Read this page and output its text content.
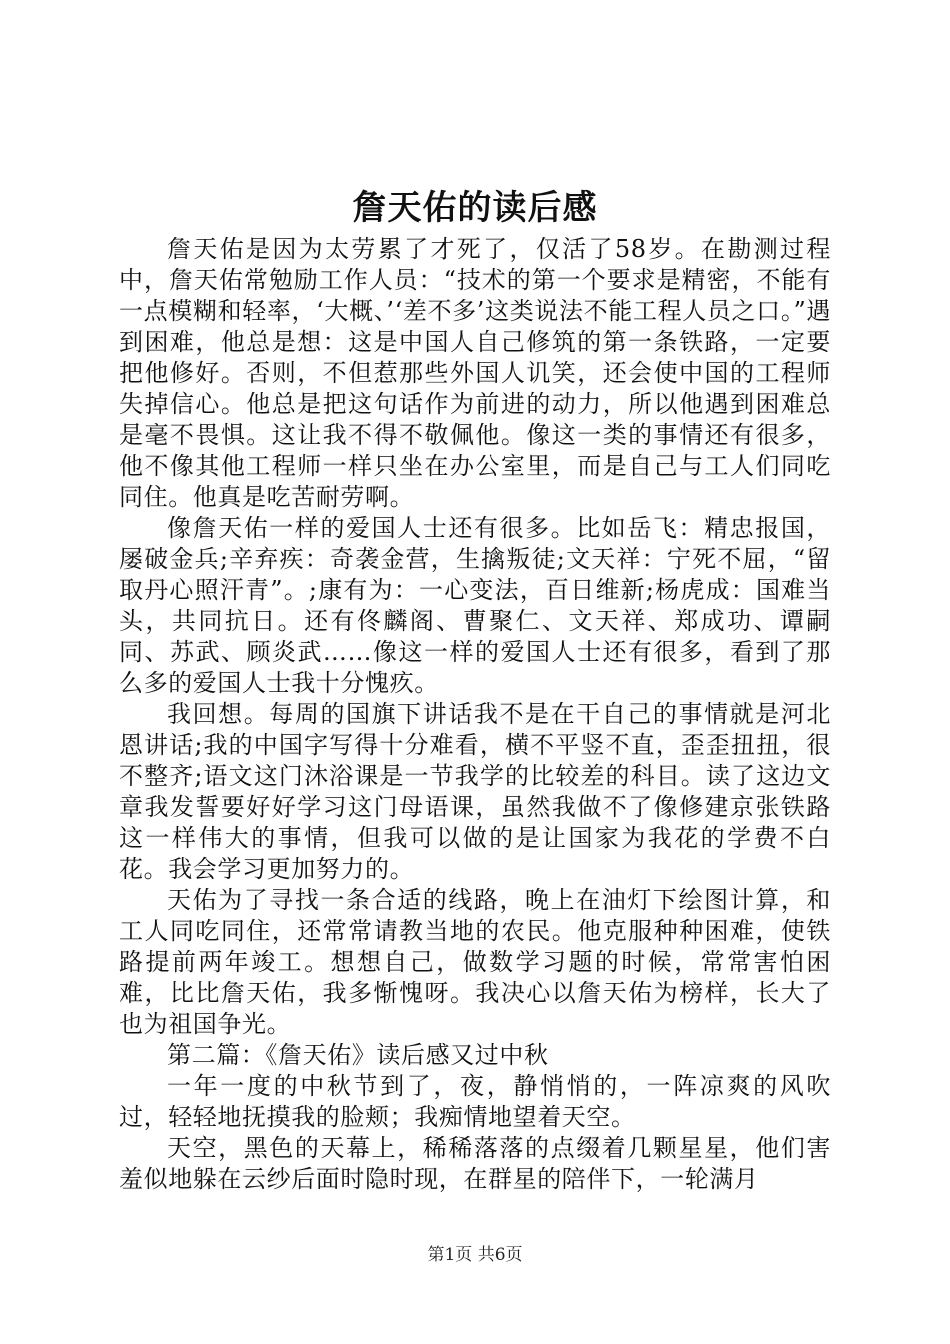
詹天佑的读后感

詹天佑是因为太劳累了才死了，仅活了58岁。在勘测过程中，詹天佑常勉励工作人员：“技术的第一个要求是精密，不能有一点模糊和轻率，‘大概、’‘差不多’这类说法不能工程人员之口。”遇到困难，他总是想：这是中国人自己修筑的第一条铁路，一定要把他修好。否则，不但惹那些外国人讥笑，还会使中国的工程师失掉信心。他总是把这句话作为前进的动力，所以他遇到困难总是毫不畏惧。这让我不得不敬佩他。像这一类的事情还有很多，他不像其他工程师一样只坐在办公室里，而是自己与工人们同吃同住。他真是吃苦耐劳啊。

像詹天佑一样的爱国人士还有很多。比如岳飞：精忠报国，屡破金兵;辛弃疾：奇袭金营，生擒叛徒;文天祥：宁死不屈，“留取丹心照汗青”。;康有为：一心变法，百日维新;杨虎成：国难当头，共同抗日。还有佟麟阁、曹聚仁、文天祥、郑成功、谭嗣同、苏武、顾炎武……像这一样的爱国人士还有很多，看到了那么多的爱国人士我十分愧疚。

我回想。每周的国旗下讲话我不是在干自己的事情就是河北恩讲话;我的中国字写得十分难看，横不平竖不直，歪歪扭扭，很不整齐;语文这门沐浴课是一节我学的比较差的科目。读了这边文章我发誓要好好学习这门母语课，虽然我做不了像修建京张铁路这一样伟大的事情，但我可以做的是让国家为我花的学费不白花。我会学习更加努力的。

天佑为了寻找一条合适的线路，晚上在油灯下绘图计算，和工人同吃同住，还常常请教当地的农民。他克服种种困难，使铁路提前两年竣工。想想自己，做数学习题的时候，常常害怕困难，比比詹天佑，我多惭愧呀。我决心以詹天佑为榜样，长大了也为祖国争光。

第二篇：《詹天佑》读后感又过中秋

一年一度的中秋节到了，夜，静悄悄的，一阵凉爽的风吹过，轻轻地抚摸我的脸颊；我痴情地望着天空。

天空，黑色的天幕上，稀稀落落的点缀着几颗星星，他们害羞似地躲在云纱后面时隐时现，在群星的陪伴下，一轮满月

第1页 共6页
